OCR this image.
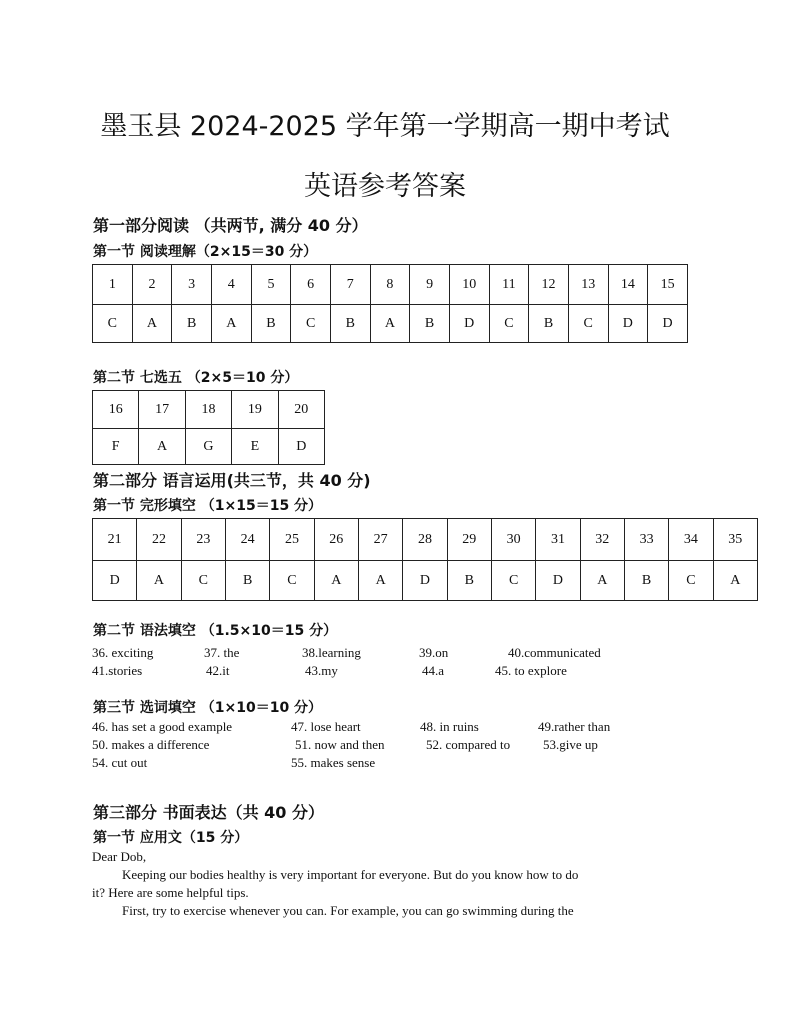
墨玉县 2024-2025 学年第一学期高一期中考试
英语参考答案
第一部分阅读 （共两节, 满分 40 分）
第一节 阅读理解（2×15＝30 分）
1	2	3	4	5	6	7	8	9	10	11	12	13	14	15
C	A	B	A	B	C	B	A	B	D	C	B	C	D	D
第二节 七选五 （2×5＝10 分）
16	17	18	19	20
F	A	G	E	D
第二部分 语言运用(共三节，共 40 分)
第一节 完形填空 （1×15＝15 分）
21	22	23	24	25	26	27	28	29	30	31	32	33	34	35
D	A	C	B	C	A	A	D	B	C	D	A	B	C	A
第二节 语法填空 （1.5×10＝15 分）
36. exciting	37. the	38.learning	39.on	40.communicated
41.stories	42.it	43.my	44.a	45. to explore
第三节 选词填空 （1×10＝10 分）
46. has set a good example	47. lose heart	48. in ruins	49.rather than
50. makes a difference	51. now and then	52. compared to	53.give up
54. cut out	55. makes sense
第三部分 书面表达（共 40 分）
第一节 应用文（15 分）
Dear Dob,
Keeping our bodies healthy is very important for everyone. But do you know how to do
it? Here are some helpful tips.
First, try to exercise whenever you can. For example, you can go swimming during the
